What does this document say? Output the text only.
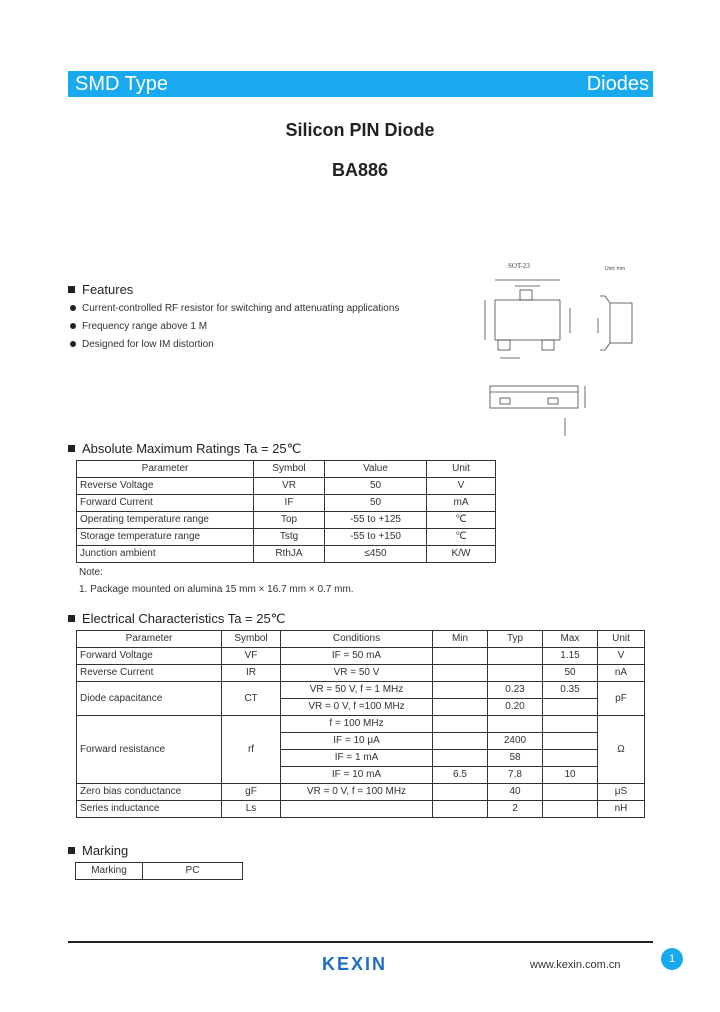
SMD Type	Diodes
Silicon PIN Diode
BA886
Features
Current-controlled RF resistor for switching and attenuating applications
Frequency range above 1 M
Designed for low IM distortion
SOT-23	Unit: mm
Absolute Maximum Ratings Ta = 25℃
Parameter	Symbol	Value	Unit
Reverse Voltage	VR	50	V
Forward Current	IF	50	mA
Operating temperature range	Top	-55 to +125	℃
Storage temperature range	Tstg	-55 to +150	℃
Junction ambient	RthJA	≤450	K/W
Note:
1. Package mounted on alumina 15 mm × 16.7 mm × 0.7 mm.
Electrical Characteristics Ta = 25℃
Parameter	Symbol	Conditions	Min	Typ	Max	Unit
Forward Voltage	VF	IF = 50 mA			1.15	V
Reverse Current	IR	VR = 50 V			50	nA
Diode capacitance	CT	VR = 50 V, f = 1 MHz		0.23	0.35	pF
		VR = 0 V, f =100 MHz		0.20		
Forward resistance	rf	f = 100 MHz				Ω
		IF = 10 μA		2400		
		IF = 1 mA		58		
		IF = 10 mA	6.5	7.8	10	
Zero bias conductance	gF	VR = 0 V, f = 100 MHz		40		μS
Series inductance	Ls			2		nH
Marking
Marking	PC
KEXIN	www.kexin.com.cn	1
